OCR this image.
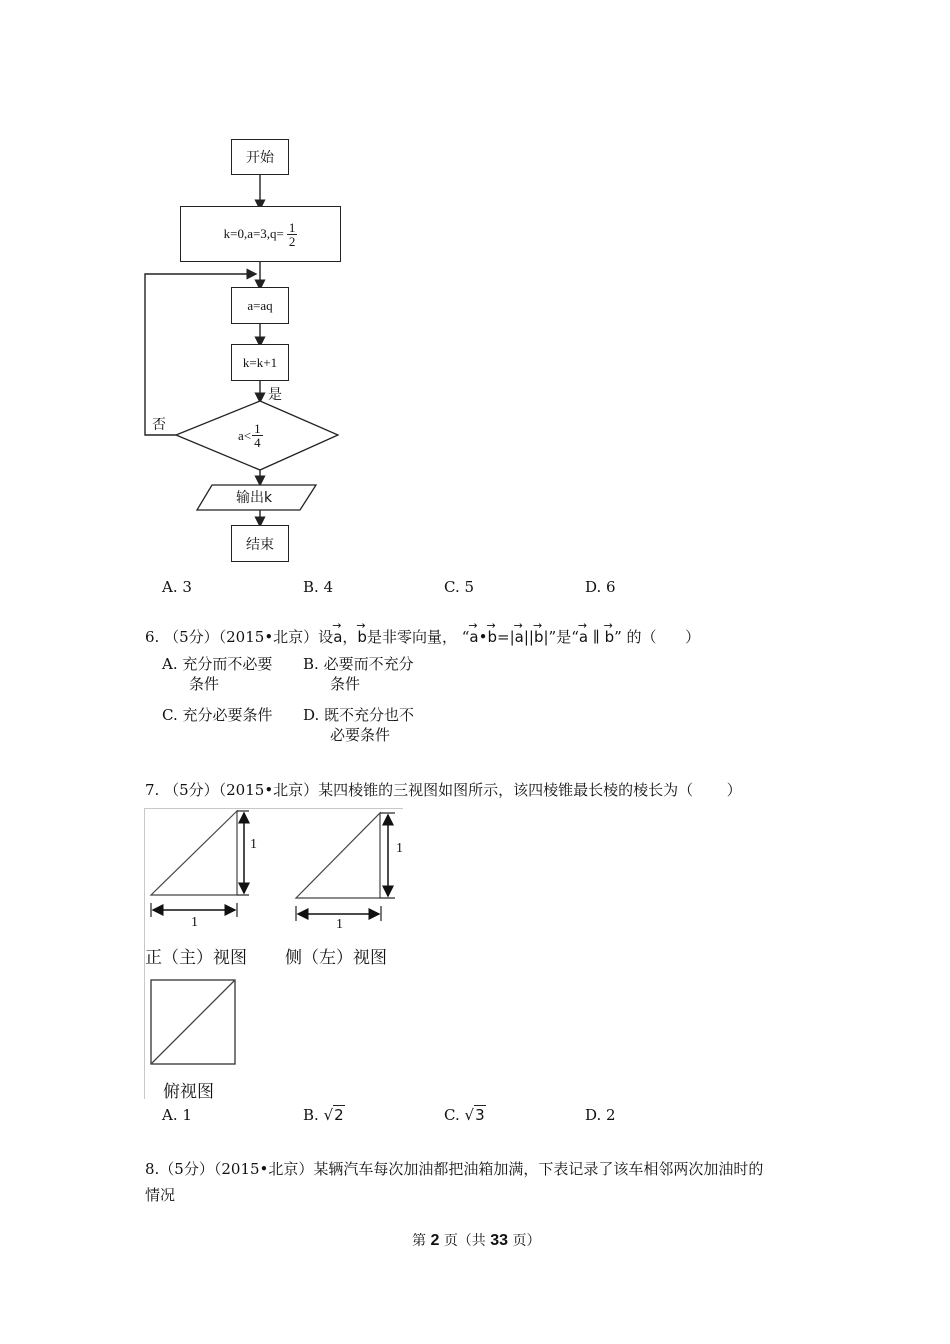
开始
$k=0,a=3,q= \frac{1}{2}$
a=aq
k=k+1
是
否
$a< \frac{1}{4}$
输出k
结束
A. 3	B. 4	C. 5	D. 6
6. （5分）（2015•北京）设→ a，→ b是非零向量， “→ a•→ b=|→ a||→ b|”是“→ a ∥ → b” 的（ ）
A. 充分而不必要
条件
B. 必要而不充分
条件
C. 充分必要条件 D. 既不充分也不
必要条件
7. （5分）（2015•北京）某四棱锥的三视图如图所示，该四棱锥最长棱的棱长为（ ）
1
1
1
1
正（主）视图 侧（左）视图
俯视图
A. 1	B. √2	C. √3	D. 2
8.（5分）（2015•北京）某辆汽车每次加油都把油箱加满，下表记录了该车相邻两次加油时的
情况
第 2 页（共 33 页）
